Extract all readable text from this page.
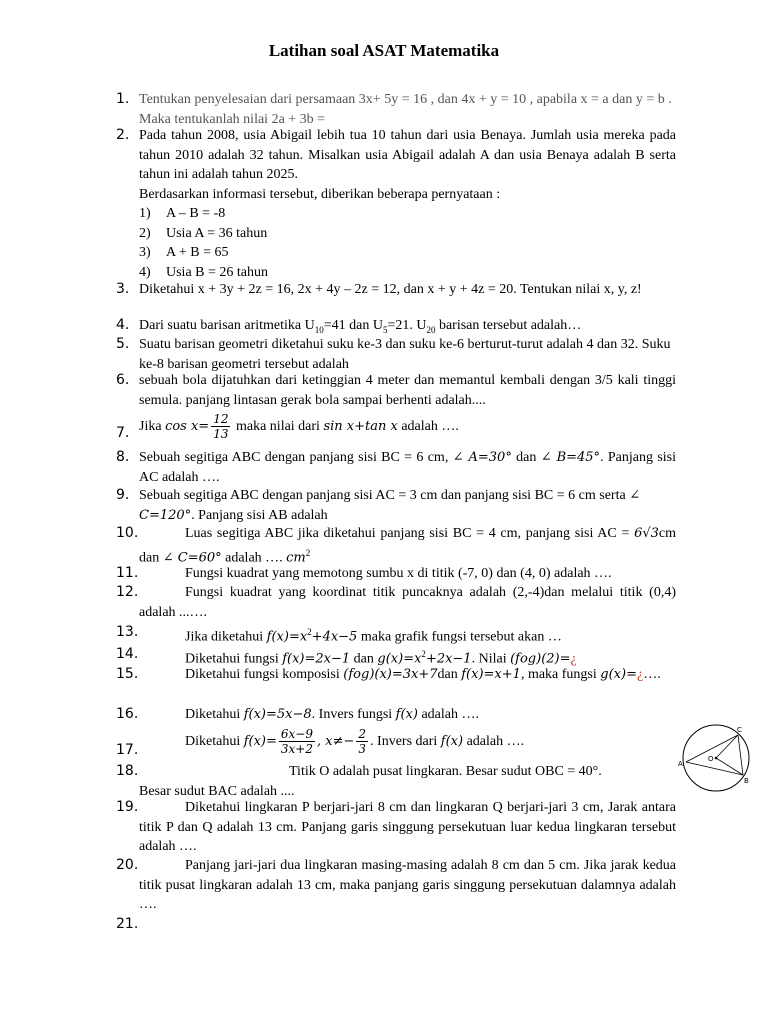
Latihan soal ASAT Matematika
1. Tentukan penyelesaian dari persamaan 3x+ 5y = 16 , dan 4x + y = 10 , apabila x = a dan y = b . Maka tentukanlah nilai 2a + 3b =
2. Pada tahun 2008, usia Abigail lebih tua 10 tahun dari usia Benaya. Jumlah usia mereka pada tahun 2010 adalah 32 tahun. Misalkan usia Abigail adalah A dan usia Benaya adalah B serta tahun ini adalah tahun 2025.
Berdasarkan informasi tersebut, diberikan beberapa pernyataan :
1) A – B = -8
2) Usia A = 36 tahun
3) A + B = 65
4) Usia B = 26 tahun
3. Diketahui x + 3y + 2z = 16, 2x + 4y – 2z = 12, dan x + y + 4z = 20. Tentukan nilai x, y, z!
4. Dari suatu barisan aritmetika $U_{10}=41$ dan $U_5=21$. $U_{20}$ barisan tersebut adalah…
5. Suatu barisan geometri diketahui suku ke-3 dan suku ke-6 berturut-turut adalah 4 dan 32. Suku ke-8 barisan geometri tersebut adalah
6. sebuah bola dijatuhkan dari ketinggian 4 meter dan memantul kembali dengan 3/5 kali tinggi semula. panjang lintasan gerak bola sampai berhenti adalah....
7. Jika $\cos x= \frac{12}{13}$ maka nilai dari sin x+tan x adalah ….
8. Sebuah segitiga ABC dengan panjang sisi BC = 6 cm, ∠ A=30° dan ∠ B=45°. Panjang sisi AC adalah ….
9. Sebuah segitiga ABC dengan panjang sisi AC = 3 cm dan panjang sisi BC = 6 cm serta ∠ C=120°. Panjang sisi AB adalah
10.	Luas segitiga ABC jika diketahui panjang sisi BC = 4 cm, panjang sisi AC = 6√3cm dan ∠ C=60° adalah …. $cm^2$
11.	Fungsi kuadrat yang memotong sumbu x di titik (-7, 0) dan (4, 0) adalah ….
12.	Fungsi kuadrat yang koordinat titik puncaknya adalah (2,-4)dan melalui titik (0,4) adalah ...….
13.	Jika diketahui $f(x)=x^2+4x-5$ maka grafik fungsi tersebut akan …
14.	Diketahui fungsi f(x)=2x−1 dan $g(x)=x^2+2x-1$. Nilai (fog)(2)=¿
15.	Diketahui fungsi komposisi (fog)(x)=3x+7dan f(x)=x+1, maka fungsi g(x)=¿….
16.	Diketahui f(x)=5x−8. Invers fungsi f(x) adalah ….
17.
Diketahui $f(x)= \frac{6x-9}{3x+2}$ , $x\ne- \frac{2}{3}$ . Invers dari f(x) adalah ….
18.	Titik O adalah pusat lingkaran. Besar sudut OBC = 40°.
Besar sudut BAC adalah ....
A
B
C
O
19.	Diketahui lingkaran P berjari-jari 8 cm dan lingkaran Q berjari-jari 3 cm, Jarak antara titik P dan Q adalah 13 cm. Panjang garis singgung persekutuan luar kedua lingkaran tersebut adalah ….
20.	Panjang jari-jari dua lingkaran masing-masing adalah 8 cm dan 5 cm. Jika jarak kedua titik pusat lingkaran adalah 13 cm, maka panjang garis singgung persekutuan dalamnya adalah ….
21.
